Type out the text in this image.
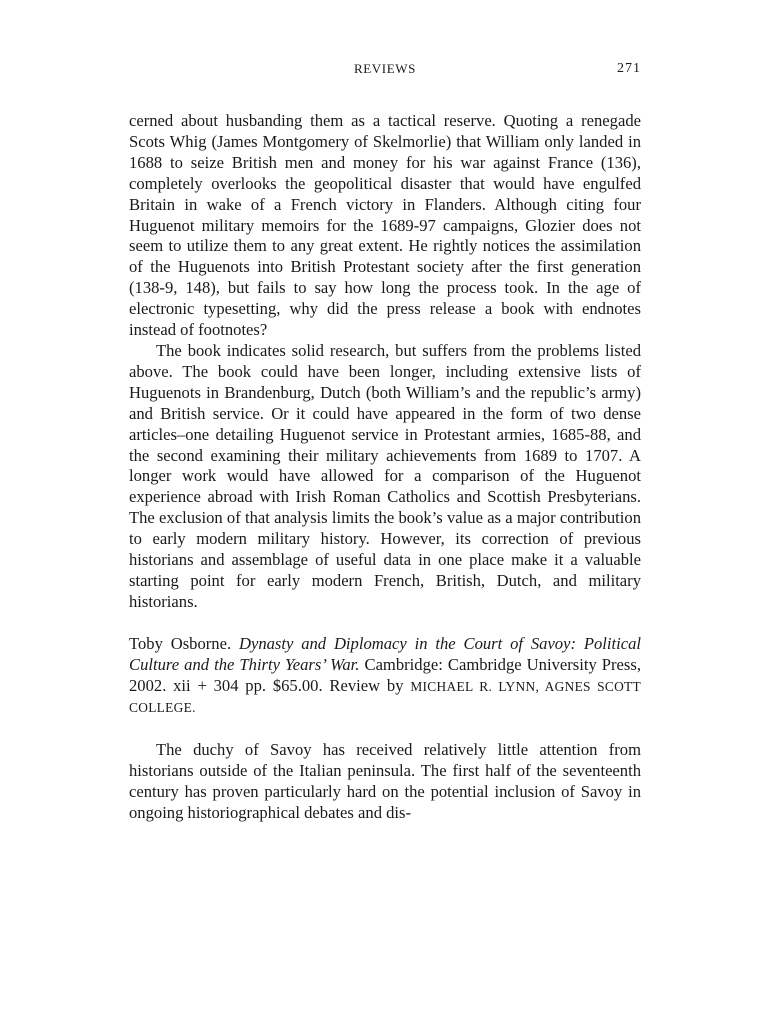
REVIEWS	271

cerned about husbanding them as a tactical reserve. Quoting a renegade Scots Whig (James Montgomery of Skelmorlie) that William only landed in 1688 to seize British men and money for his war against France (136), completely overlooks the geopolitical disaster that would have engulfed Britain in wake of a French victory in Flanders. Although citing four Huguenot military memoirs for the 1689-97 campaigns, Glozier does not seem to utilize them to any great extent. He rightly notices the assimilation of the Huguenots into British Protestant society after the first generation (138-9, 148), but fails to say how long the process took. In the age of electronic typesetting, why did the press release a book with endnotes instead of footnotes?

The book indicates solid research, but suffers from the problems listed above. The book could have been longer, including extensive lists of Huguenots in Brandenburg, Dutch (both William’s and the republic’s army) and British service. Or it could have appeared in the form of two dense articles–one detailing Huguenot service in Protestant armies, 1685-88, and the second examining their military achievements from 1689 to 1707. A longer work would have allowed for a comparison of the Huguenot experience abroad with Irish Roman Catholics and Scottish Presbyterians. The exclusion of that analysis limits the book’s value as a major contribution to early modern military history. However, its correction of previous historians and assemblage of useful data in one place make it a valuable starting point for early modern French, British, Dutch, and military historians.

Toby Osborne. Dynasty and Diplomacy in the Court of Savoy: Political Culture and the Thirty Years’ War. Cambridge: Cambridge University Press, 2002. xii + 304 pp. $65.00. Review by MICHAEL R. LYNN, AGNES SCOTT COLLEGE.

The duchy of Savoy has received relatively little attention from historians outside of the Italian peninsula. The first half of the seventeenth century has proven particularly hard on the potential inclusion of Savoy in ongoing historiographical debates and dis-
